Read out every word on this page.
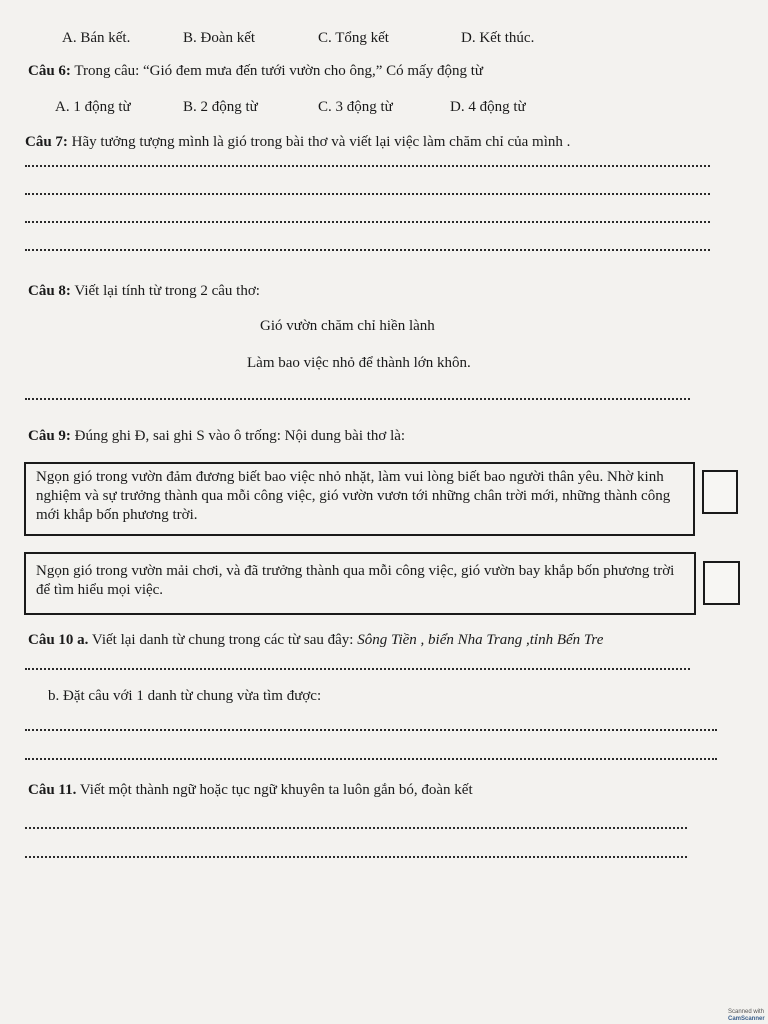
A. Bán kết.	B. Đoàn kết	C. Tổng kết	D. Kết thúc.
Câu 6: Trong câu: “Gió đem mưa đến tưới vườn cho ông,” Có mấy động từ
A. 1 động từ	B. 2 động từ	C. 3 động từ	D. 4 động từ
Câu 7: Hãy tưởng tượng mình là gió trong bài thơ và viết lại việc làm chăm chỉ của mình .
Câu 8: Viết lại tính từ trong 2 câu thơ:
Gió vườn chăm chỉ hiền lành
Làm bao việc nhỏ để thành lớn khôn.
Câu 9: Đúng ghi Đ, sai ghi S vào ô trống: Nội dung bài thơ là:
Ngọn gió trong vườn đảm đương biết bao việc nhỏ nhặt, làm vui lòng biết bao người thân yêu. Nhờ kinh nghiệm và sự trưởng thành qua mỗi công việc, gió vườn vươn tới những chân trời mới, những thành công mới khắp bốn phương trời.
Ngọn gió trong vườn mải chơi, và đã trưởng thành qua mỗi công việc, gió vườn bay khắp bốn phương trời để tìm hiểu mọi việc.
Câu 10 a. Viết lại danh từ chung trong các từ sau đây: Sông Tiền , biển Nha Trang ,tỉnh Bến Tre
b. Đặt câu với 1 danh từ chung vừa tìm được:
Câu 11. Viết một thành ngữ hoặc tục ngữ khuyên ta luôn gắn bó, đoàn kết
Scanned with
CamScanner
